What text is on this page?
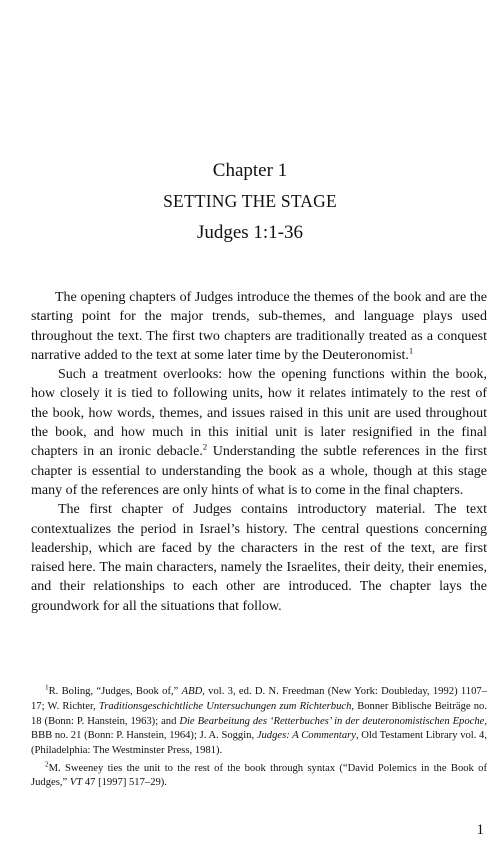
Chapter 1
SETTING THE STAGE
Judges 1:1-36

The opening chapters of Judges introduce the themes of the book and are the starting point for the major trends, sub-themes, and language plays used throughout the text. The first two chapters are traditionally treated as a conquest narrative added to the text at some later time by the Deuteronomist.$^1$

Such a treatment overlooks: how the opening functions within the book, how closely it is tied to following units, how it relates intimately to the rest of the book, how words, themes, and issues raised in this unit are used throughout the book, and how much in this initial unit is later resignified in the final chapters in an ironic debacle.$^2$ Understanding the subtle references in the first chapter is essential to understanding the book as a whole, though at this stage many of the references are only hints of what is to come in the final chapters.

The first chapter of Judges contains introductory material. The text contextualizes the period in Israel’s history. The central questions concerning leadership, which are faced by the characters in the rest of the text, are first raised here. The main characters, namely the Israelites, their deity, their enemies, and their relationships to each other are introduced. The chapter lays the groundwork for all the situations that follow.

$^1$R. Boling, “Judges, Book of,” ABD, vol. 3, ed. D. N. Freedman (New York: Doubleday, 1992) 1107–17; W. Richter, Traditionsgeschichtliche Untersuchungen zum Richterbuch, Bonner Biblische Beiträge no. 18 (Bonn: P. Hanstein, 1963); and Die Bearbeitung des ‘Retterbuches’ in der deuteronomistischen Epoche, BBB no. 21 (Bonn: P. Hanstein, 1964); J. A. Soggin, Judges: A Commentary, Old Testament Library vol. 4, (Philadelphia: The Westminster Press, 1981).

$^2$M. Sweeney ties the unit to the rest of the book through syntax (“David Polemics in the Book of Judges,” VT 47 [1997] 517–29).

1
